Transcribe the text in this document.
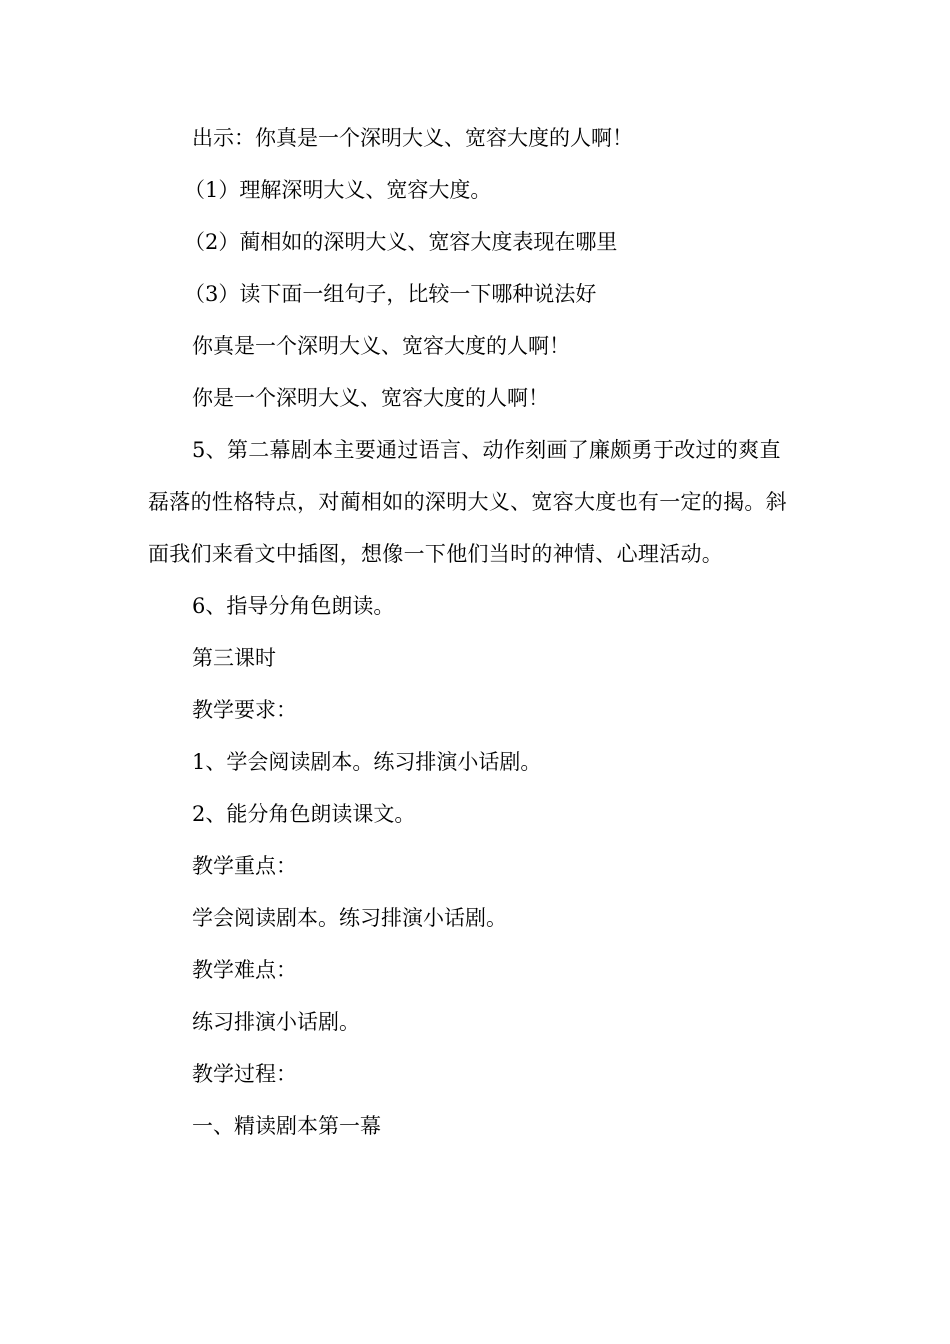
出示：你真是一个深明大义、宽容大度的人啊！
（1）理解深明大义、宽容大度。
（2）蔺相如的深明大义、宽容大度表现在哪里
（3）读下面一组句子，比较一下哪种说法好
你真是一个深明大义、宽容大度的人啊！
你是一个深明大义、宽容大度的人啊！

5、第二幕剧本主要通过语言、动作刻画了廉颇勇于改过的爽直磊落的性格特点，对蔺相如的深明大义、宽容大度也有一定的揭。斜面我们来看文中插图，想像一下他们当时的神情、心理活动。

6、指导分角色朗读。
第三课时
教学要求：
1、学会阅读剧本。练习排演小话剧。
2、能分角色朗读课文。
教学重点：
学会阅读剧本。练习排演小话剧。
教学难点：
练习排演小话剧。
教学过程：
一、精读剧本第一幕
